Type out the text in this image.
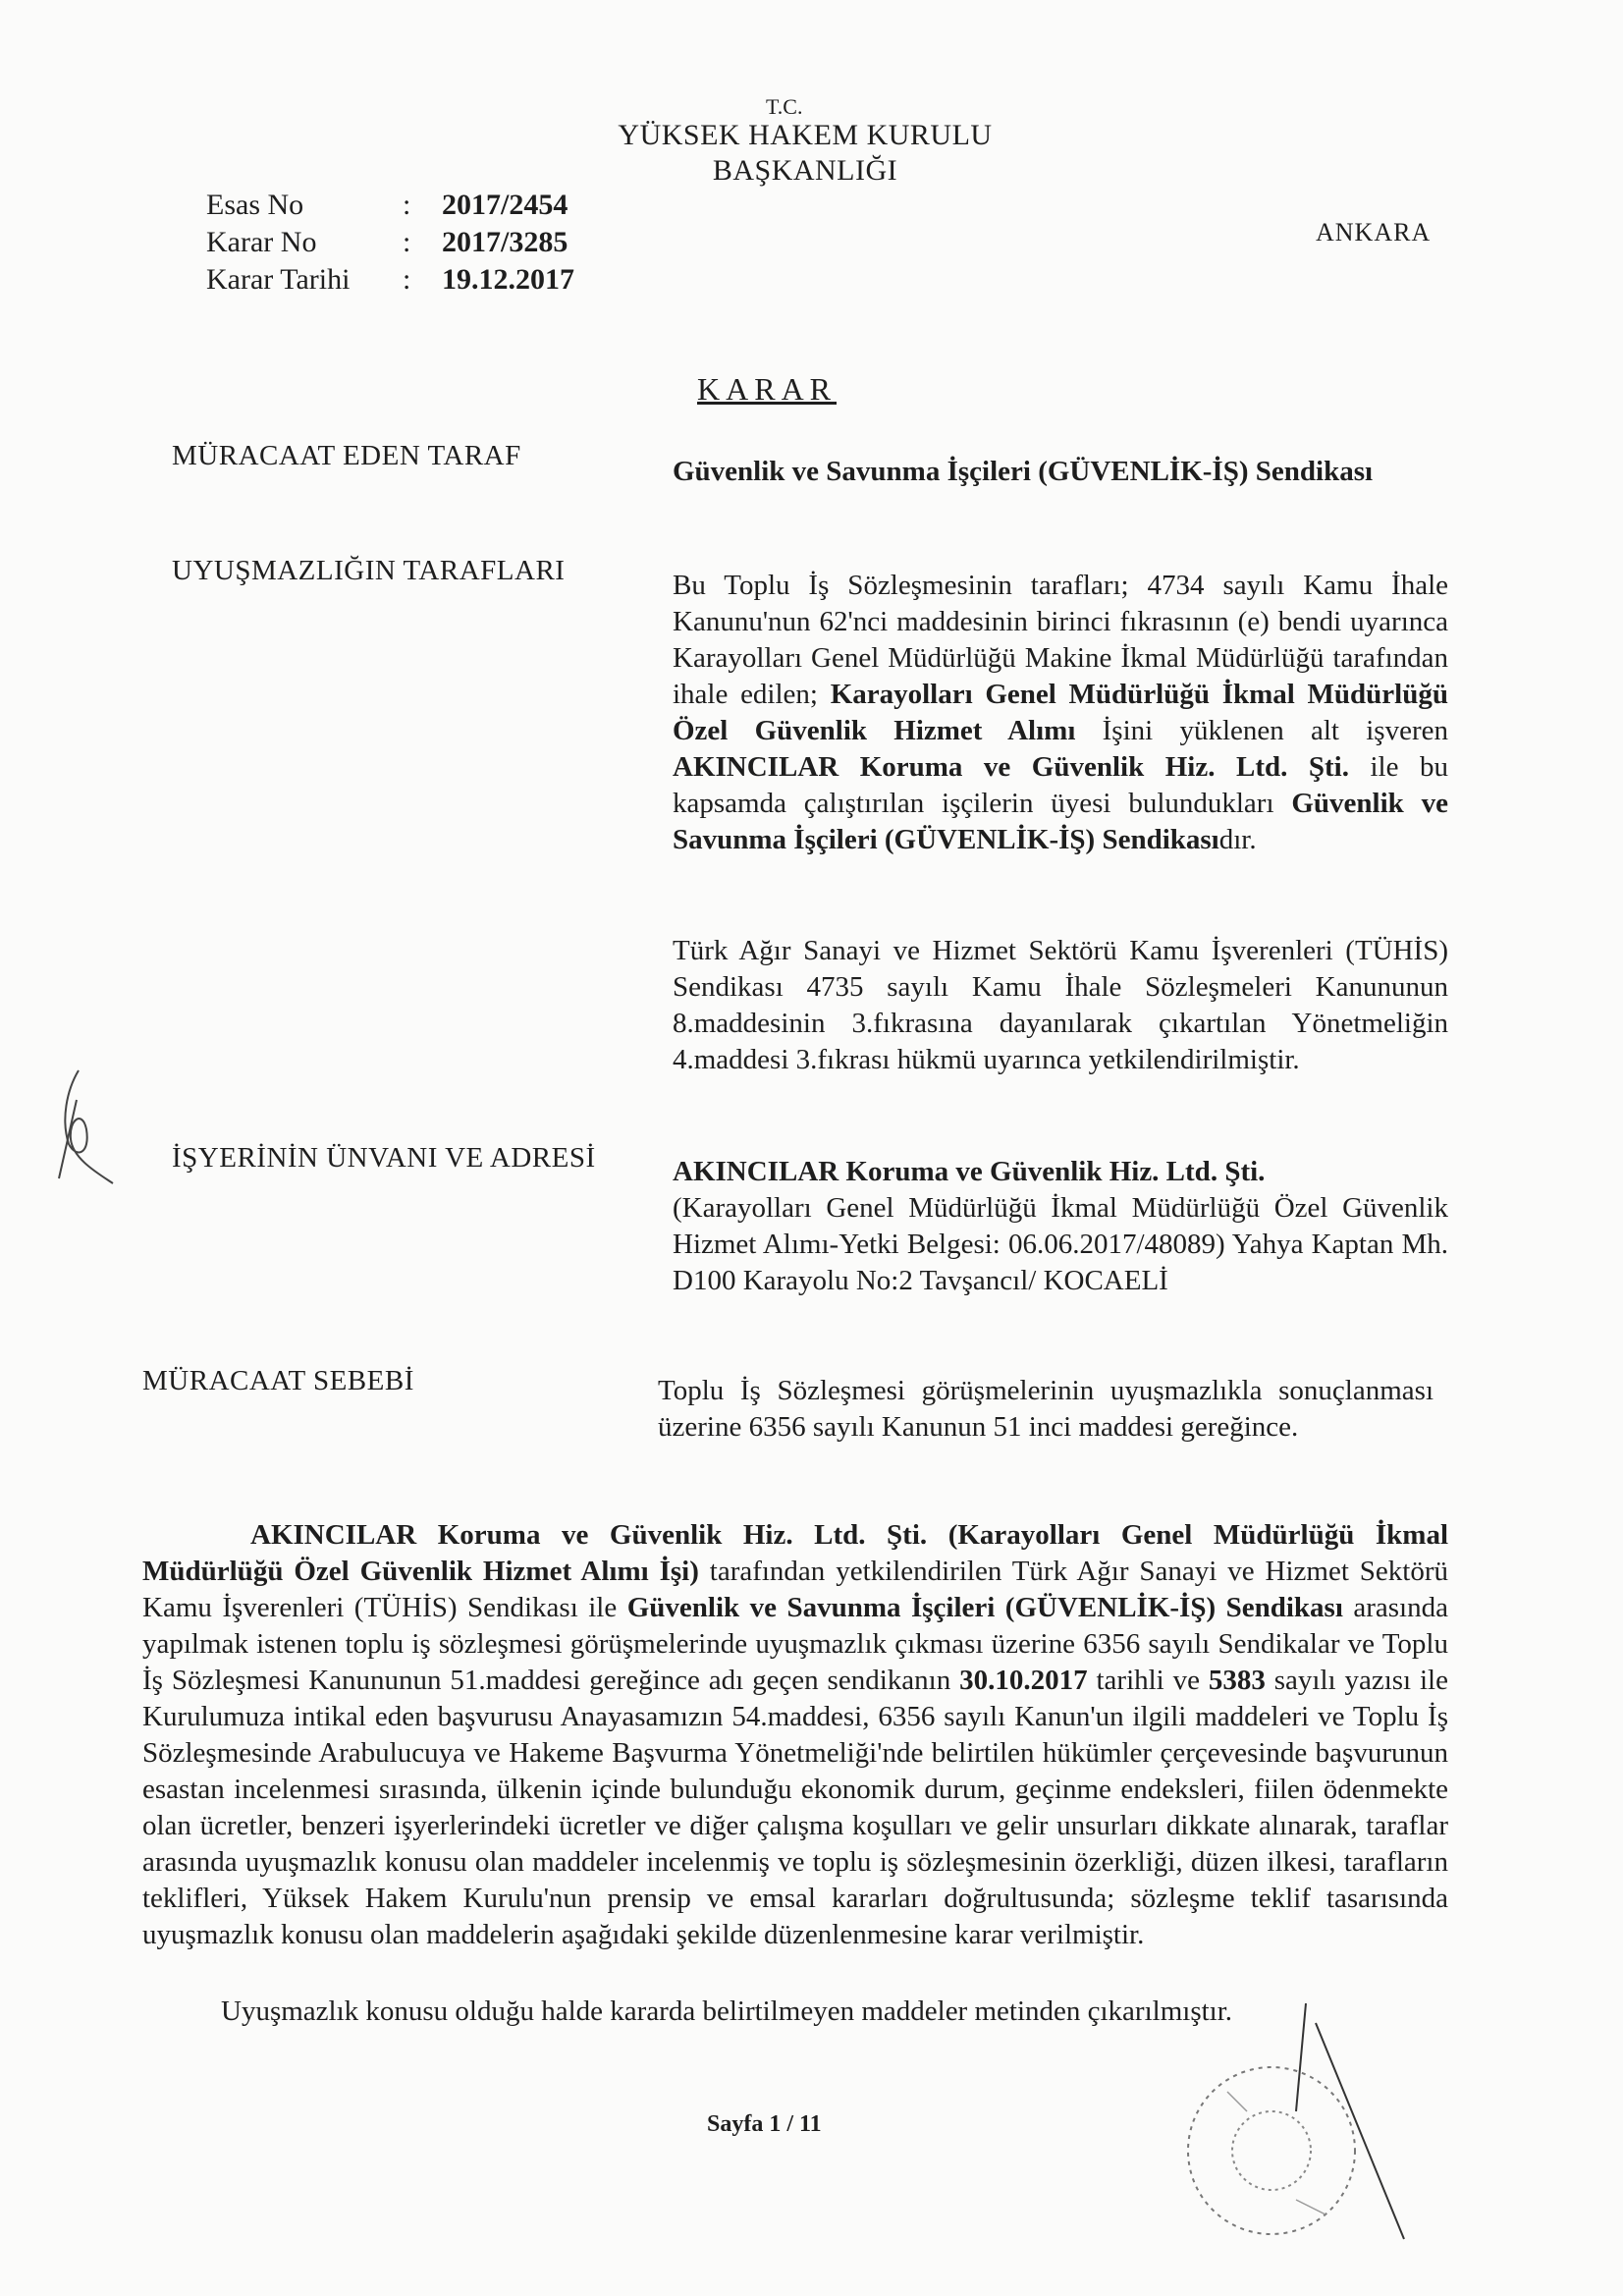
T.C.
YÜKSEK HAKEM KURULU
BAŞKANLIĞI
Esas No	:	2017/2454
Karar No	:	2017/3285
Karar Tarihi	:	19.12.2017
ANKARA
KARAR
MÜRACAAT EDEN TARAF	Güvenlik ve Savunma İşçileri (GÜVENLİK-İŞ) Sendikası
UYUŞMAZLIĞIN TARAFLARI	Bu Toplu İş Sözleşmesinin tarafları; 4734 sayılı Kamu İhale Kanunu'nun 62'nci maddesinin birinci fıkrasının (e) bendi uyarınca Karayolları Genel Müdürlüğü Makine İkmal Müdürlüğü tarafından ihale edilen; Karayolları Genel Müdürlüğü İkmal Müdürlüğü Özel Güvenlik Hizmet Alımı İşini yüklenen alt işveren AKINCILAR Koruma ve Güvenlik Hiz. Ltd. Şti. ile bu kapsamda çalıştırılan işçilerin üyesi bulundukları Güvenlik ve Savunma İşçileri (GÜVENLİK-İŞ) Sendikasıdır.
Türk Ağır Sanayi ve Hizmet Sektörü Kamu İşverenleri (TÜHİS) Sendikası 4735 sayılı Kamu İhale Sözleşmeleri Kanununun 8.maddesinin 3.fıkrasına dayanılarak çıkartılan Yönetmeliğin 4.maddesi 3.fıkrası hükmü uyarınca yetkilendirilmiştir.
İŞYERİNİN ÜNVANI VE ADRESİ	AKINCILAR Koruma ve Güvenlik Hiz. Ltd. Şti.
(Karayolları Genel Müdürlüğü İkmal Müdürlüğü Özel Güvenlik Hizmet Alımı-Yetki Belgesi: 06.06.2017/48089) Yahya Kaptan Mh. D100 Karayolu No:2 Tavşancıl/ KOCAELİ
MÜRACAAT SEBEBİ	Toplu İş Sözleşmesi görüşmelerinin uyuşmazlıkla sonuçlanması üzerine 6356 sayılı Kanunun 51 inci maddesi gereğince.
AKINCILAR Koruma ve Güvenlik Hiz. Ltd. Şti. (Karayolları Genel Müdürlüğü İkmal Müdürlüğü Özel Güvenlik Hizmet Alımı İşi) tarafından yetkilendirilen Türk Ağır Sanayi ve Hizmet Sektörü Kamu İşverenleri (TÜHİS) Sendikası ile Güvenlik ve Savunma İşçileri (GÜVENLİK-İŞ) Sendikası arasında yapılmak istenen toplu iş sözleşmesi görüşmelerinde uyuşmazlık çıkması üzerine 6356 sayılı Sendikalar ve Toplu İş Sözleşmesi Kanununun 51.maddesi gereğince adı geçen sendikanın 30.10.2017 tarihli ve 5383 sayılı yazısı ile Kurulumuza intikal eden başvurusu Anayasamızın 54.maddesi, 6356 sayılı Kanun'un ilgili maddeleri ve Toplu İş Sözleşmesinde Arabulucuya ve Hakeme Başvurma Yönetmeliği'nde belirtilen hükümler çerçevesinde başvurunun esastan incelenmesi sırasında, ülkenin içinde bulunduğu ekonomik durum, geçinme endeksleri, fiilen ödenmekte olan ücretler, benzeri işyerlerindeki ücretler ve diğer çalışma koşulları ve gelir unsurları dikkate alınarak, taraflar arasında uyuşmazlık konusu olan maddeler incelenmiş ve toplu iş sözleşmesinin özerkliği, düzen ilkesi, tarafların teklifleri, Yüksek Hakem Kurulu'nun prensip ve emsal kararları doğrultusunda; sözleşme teklif tasarısında uyuşmazlık konusu olan maddelerin aşağıdaki şekilde düzenlenmesine karar verilmiştir.
Uyuşmazlık konusu olduğu halde kararda belirtilmeyen maddeler metinden çıkarılmıştır.
Sayfa 1 / 11
